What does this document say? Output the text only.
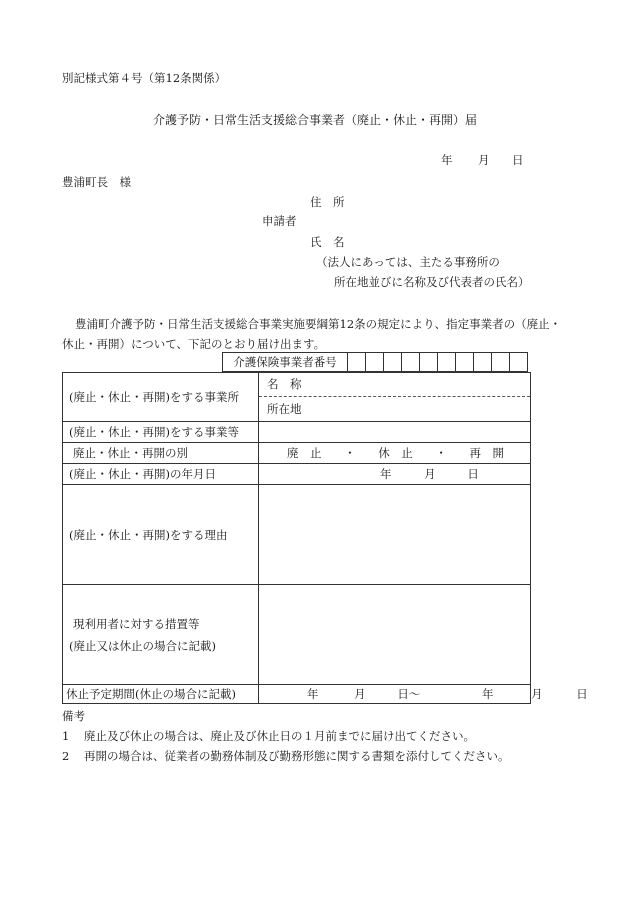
別記様式第４号（第12条関係）
介護予防・日常生活支援総合事業者（廃止・休止・再開）届
年 月 日
豊浦町長　様
住　所
申請者
氏　名
（法人にあっては、主たる事務所の
所在地並びに名称及び代表者の氏名）
豊浦町介護予防・日常生活支援総合事業実施要綱第12条の規定により、指定事業者の（廃止・
休止・再開）について、下記のとおり届け出ます。
介護保険事業者番号										
(廃止・休止・再開)をする事業所	名　称
所在地

(廃止・休止・再開)をする事業等	
廃止・休止・再開の別	廃　止 ・ 休　止 ・ 再　開

(廃止・休止・再開)の年月日	年 月 日
(廃止・休止・再開)をする理由	

現利用者に対する措置等
(廃止又は休止の場合に記載)	

休止予定期間(休止の場合に記載)	年 月 日～ 年 月 日
備考
1 廃止及び休止の場合は、廃止及び休止日の１月前までに届け出てください。
2 再開の場合は、従業者の勤務体制及び勤務形態に関する書類を添付してください。
